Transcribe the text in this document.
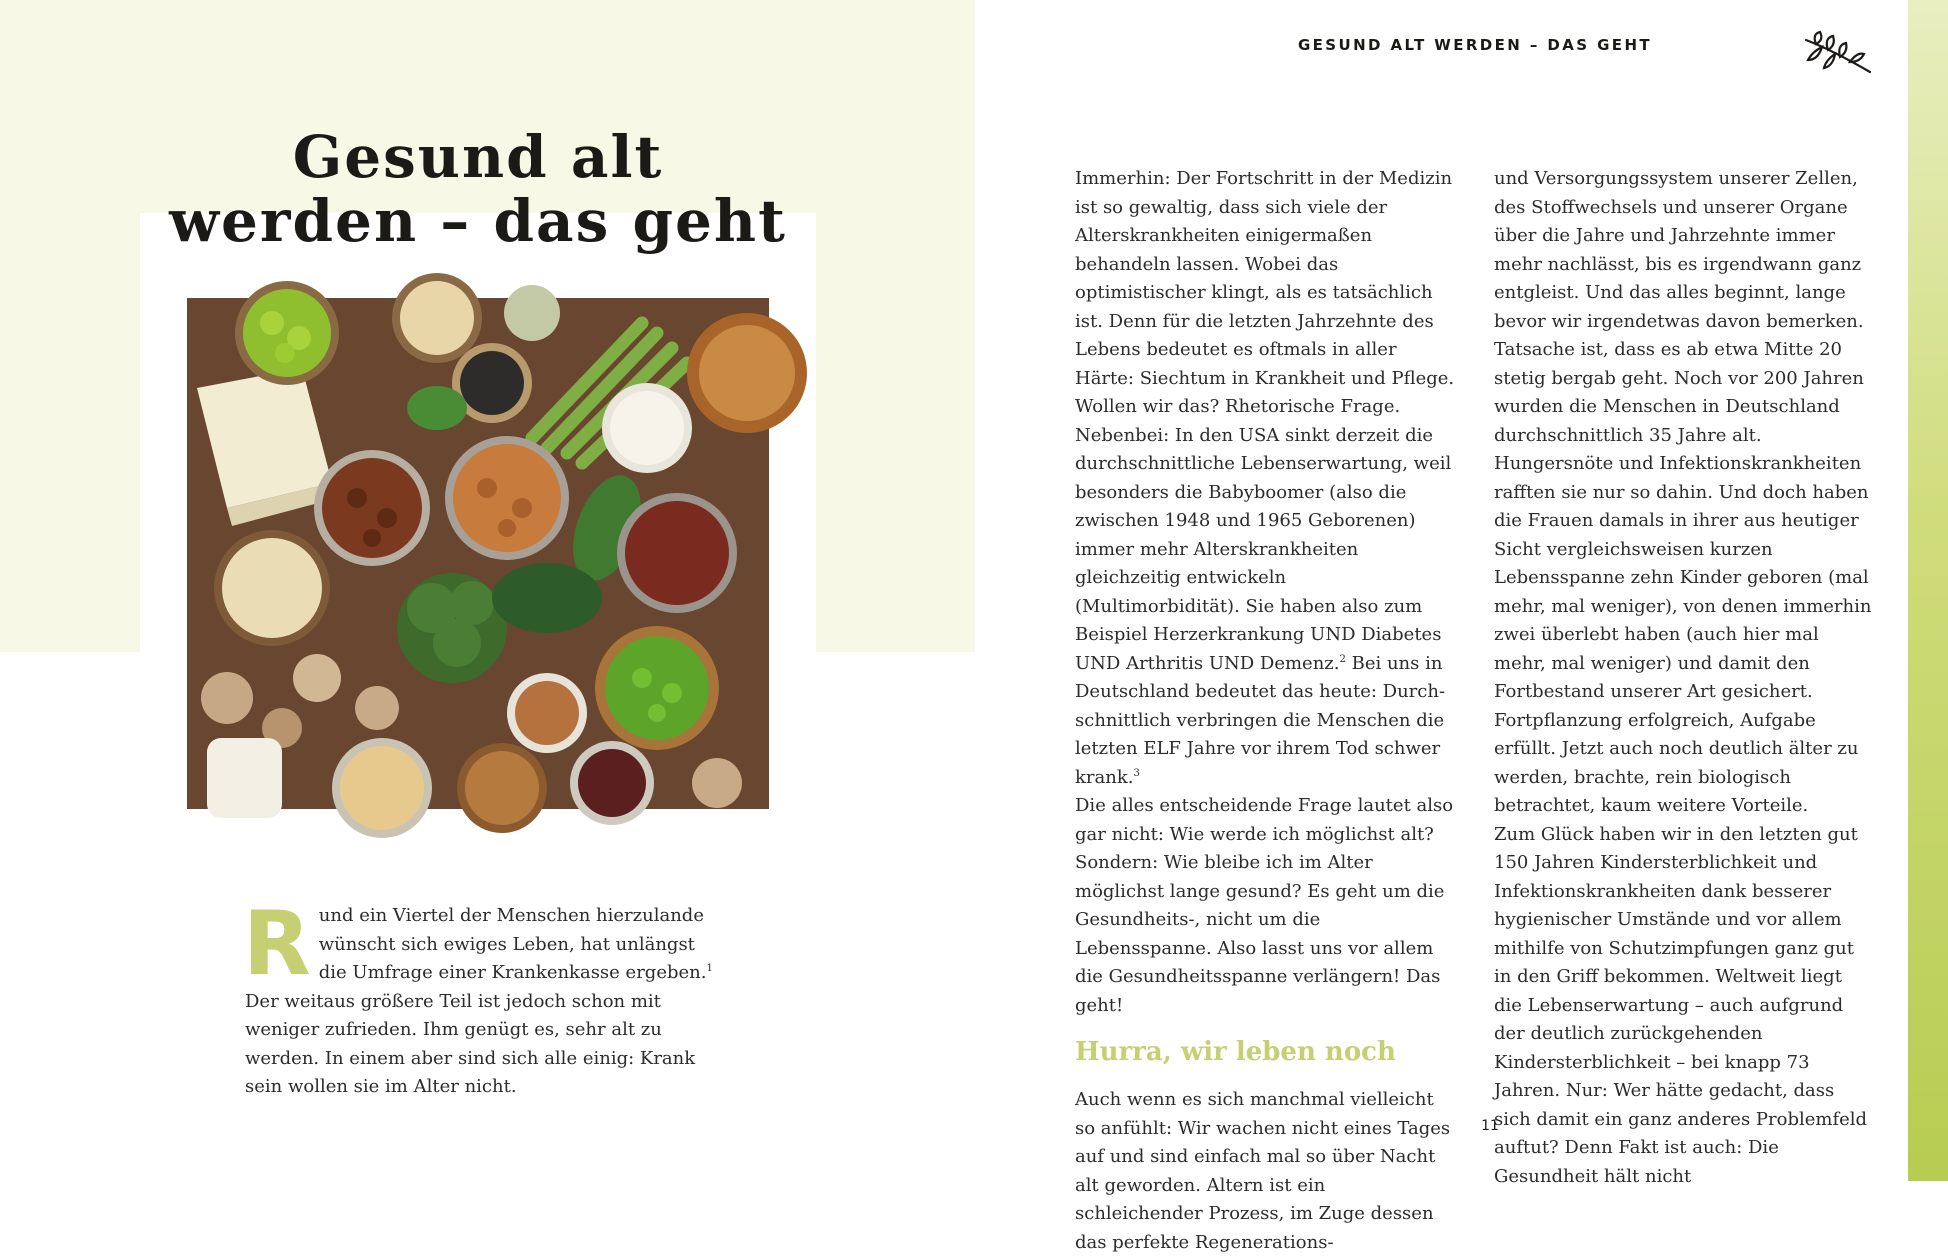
Gesund alt
werden – das geht
Rund ein Viertel der Menschen hierzulande wünscht sich ewiges Leben, hat unlängst die Umfrage einer Krankenkasse ergeben.$^1$ Der weitaus größere Teil ist jedoch schon mit weniger zufrieden. Ihm genügt es, sehr alt zu werden. In einem aber sind sich alle einig: Krank sein wollen sie im Alter nicht.
GESUND ALT WERDEN – DAS GEHT

Immerhin: Der Fortschritt in der Medizin ist so gewaltig, dass sich viele der Alterskrankheiten einigermaßen behandeln lassen. Wobei das optimistischer klingt, als es tatsächlich ist. Denn für die letzten Jahrzehnte des Lebens bedeutet es oftmals in aller Härte: Siechtum in Krankheit und Pflege. Wollen wir das? Rhetorische Frage. Nebenbei: In den USA sinkt derzeit die durchschnittliche Lebenserwartung, weil besonders die Babyboomer (also die zwischen 1948 und 1965 Geborenen) immer mehr Alterskrankheiten gleichzeitig entwickeln (Multimorbidität). Sie haben also zum Beispiel Herzerkrankung UND Diabetes UND Arthritis UND Demenz.$^2$ Bei uns in Deutschland bedeutet das heute: Durchschnittlich verbringen die Menschen die letzten ELF Jahre vor ihrem Tod schwer krank.$^3$

Die alles entscheidende Frage lautet also gar nicht: Wie werde ich möglichst alt? Sondern: Wie bleibe ich im Alter möglichst lange gesund? Es geht um die Gesundheits-, nicht um die Lebensspanne. Also lasst uns vor allem die Gesundheitsspanne verlängern! Das geht!

Hurra, wir leben noch

Auch wenn es sich manchmal vielleicht so anfühlt: Wir wachen nicht eines Tages auf und sind einfach mal so über Nacht alt geworden. Altern ist ein schleichender Prozess, im Zuge dessen das perfekte Regenerations-

und Versorgungssystem unserer Zellen, des Stoffwechsels und unserer Organe über die Jahre und Jahrzehnte immer mehr nachlässt, bis es irgendwann ganz entgleist. Und das alles beginnt, lange bevor wir irgendetwas davon bemerken.

Tatsache ist, dass es ab etwa Mitte 20 stetig bergab geht. Noch vor 200 Jahren wurden die Menschen in Deutschland durchschnittlich 35 Jahre alt. Hungersnöte und Infektionskrankheiten rafften sie nur so dahin. Und doch haben die Frauen damals in ihrer aus heutiger Sicht vergleichsweisen kurzen Lebensspanne zehn Kinder geboren (mal mehr, mal weniger), von denen immerhin zwei überlebt haben (auch hier mal mehr, mal weniger) und damit den Fortbestand unserer Art gesichert. Fortpflanzung erfolgreich, Aufgabe erfüllt. Jetzt auch noch deutlich älter zu werden, brachte, rein biologisch betrachtet, kaum weitere Vorteile.

Zum Glück haben wir in den letzten gut 150 Jahren Kindersterblichkeit und Infektionskrankheiten dank besserer hygienischer Umstände und vor allem mithilfe von Schutzimpfungen ganz gut in den Griff bekommen. Weltweit liegt die Lebenserwartung – auch aufgrund der deutlich zurückgehenden Kindersterblichkeit – bei knapp 73 Jahren. Nur: Wer hätte gedacht, dass sich damit ein ganz anderes Problemfeld auftut? Denn Fakt ist auch: Die Gesundheit hält nicht

11
